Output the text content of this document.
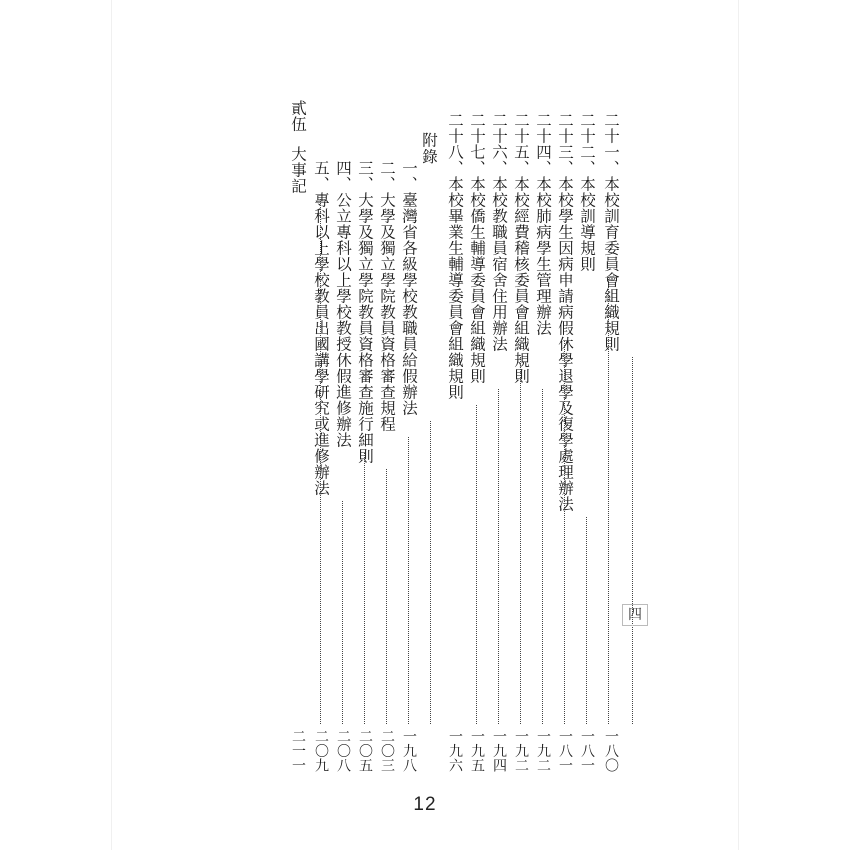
二十一、本校訓育委員會組織規則
一八〇
二十二、本校訓導規則
一八一
二十三、本校學生因病申請病假休學退學及復學處理辦法
一八一
二十四、本校肺病學生管理辦法
一九二
二十五、本校經費稽核委員會組織規則
一九二
二十六、本校教職員宿舍住用辦法
一九四
二十七、本校僑生輔導委員會組織規則
一九五
二十八、本校畢業生輔導委員會組織規則
一九六
附錄
一、臺灣省各級學校教職員給假辦法
一九八
二、大學及獨立學院教員資格審查規程
二〇三
三、大學及獨立學院教員資格審查施行細則
二〇五
四、公立專科以上學校教授休假進修辦法
二〇八
五、專科以上學校教員出國講學研究或進修辦法
二〇九
貳伍
大事記
二一一
四
12
